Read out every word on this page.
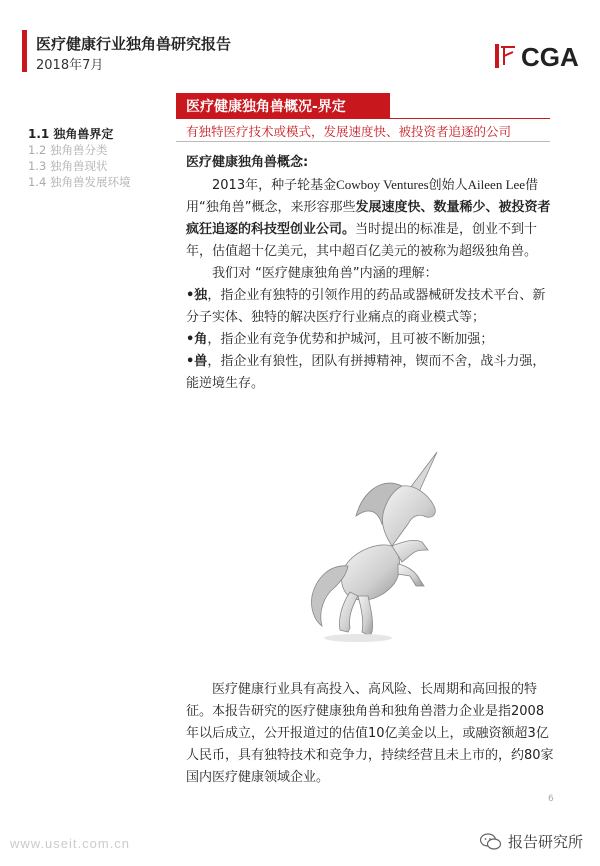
医疗健康行业独角兽研究报告
2018年7月	CGA
医疗健康独角兽概况-界定
有独特医疗技术或模式，发展速度快、被投资者追逐的公司
1.1 独角兽界定
1.2 独角兽分类
1.3 独角兽现状
1.4 独角兽发展环境

医疗健康独角兽概念:

2013年，种子轮基金Cowboy Ventures创始人Aileen Lee借用“独角兽”概念，来形容那些发展速度快、数量稀少、被投资者疯狂追逐的科技型创业公司。当时提出的标准是，创业不到十年，估值超十亿美元，其中超百亿美元的被称为超级独角兽。

我们对 “医疗健康独角兽”内涵的理解：

•独，指企业有独特的引领作用的药品或器械研发技术平台、新分子实体、独特的解决医疗行业痛点的商业模式等；

•角，指企业有竞争优势和护城河，且可被不断加强；

•兽，指企业有狼性，团队有拼搏精神，锲而不舍，战斗力强，能逆境生存。

医疗健康行业具有高投入、高风险、长周期和高回报的特征。本报告研究的医疗健康独角兽和独角兽潜力企业是指2008年以后成立，公开报道过的估值10亿美金以上，或融资额超3亿人民币，具有独特技术和竞争力，持续经营且未上市的，约80家国内医疗健康领域企业。

6
www.useit.com.cn	报告研究所
